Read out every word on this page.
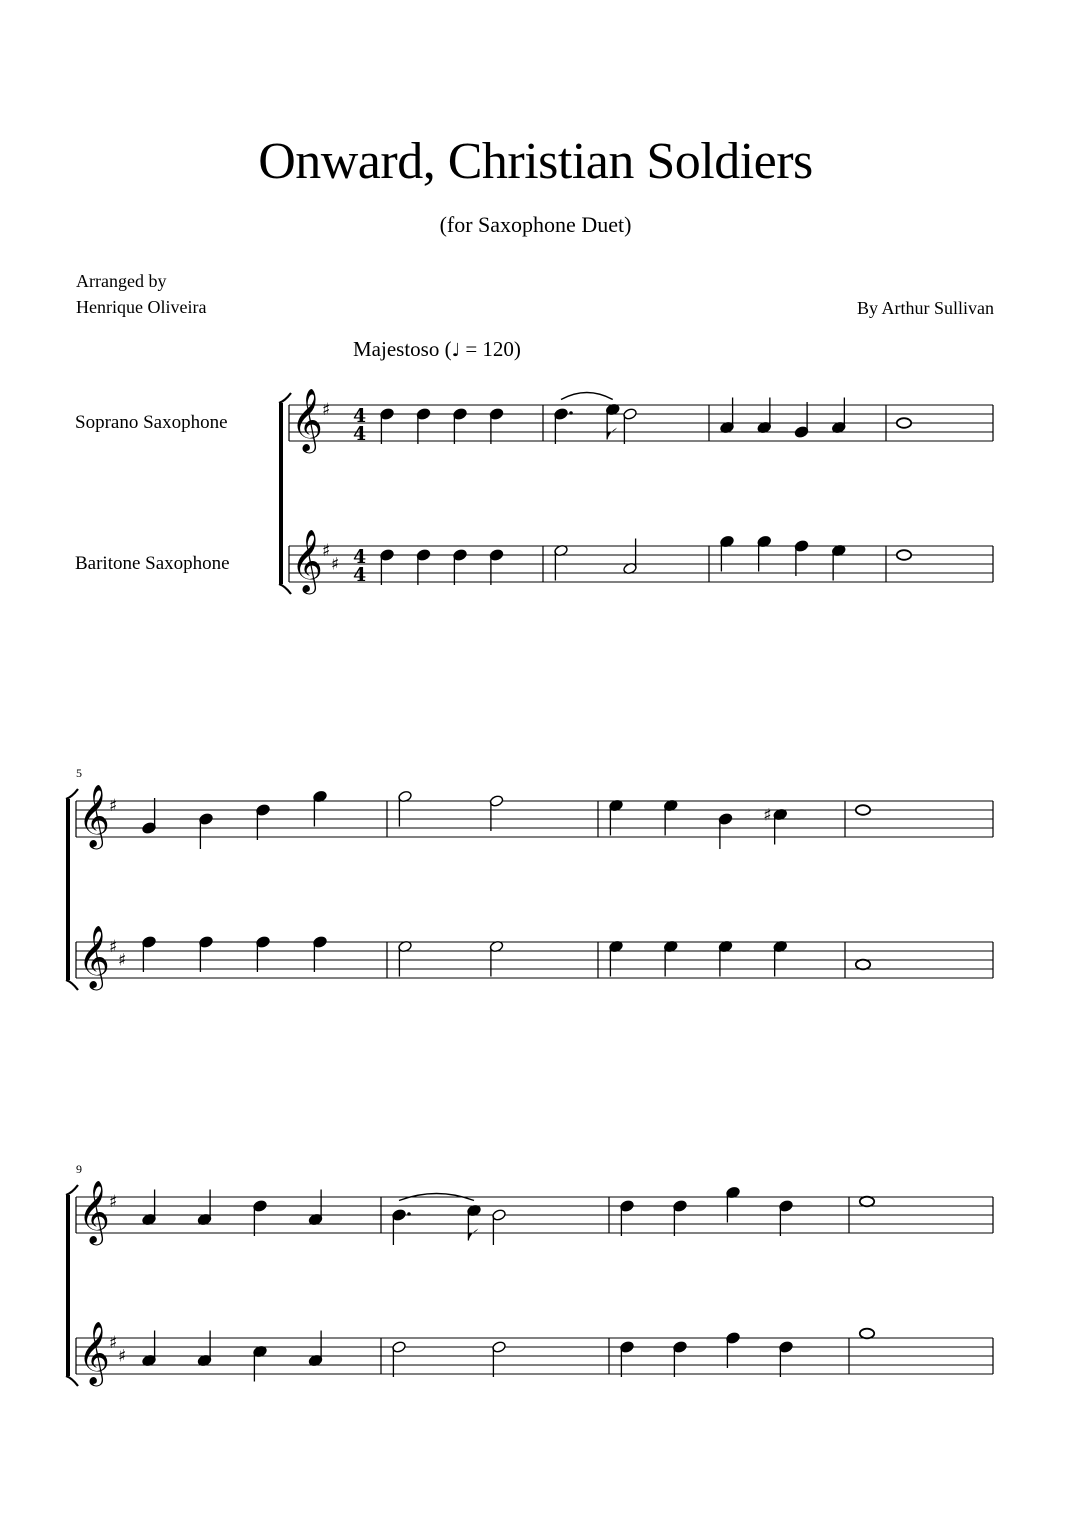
Onward, Christian Soldiers
(for Saxophone Duet)
Arranged by
Henrique Oliveira	By Arthur Sullivan
Majestoso (♩ = 120)
Soprano Saxophone
Baritone Saxophone
5
9
𝄞
𝄞
♯
♯
♯
4
4
4
4
𝄞
𝄞
♯
♯
♯
♯
𝄞
𝄞
♯
♯
♯
